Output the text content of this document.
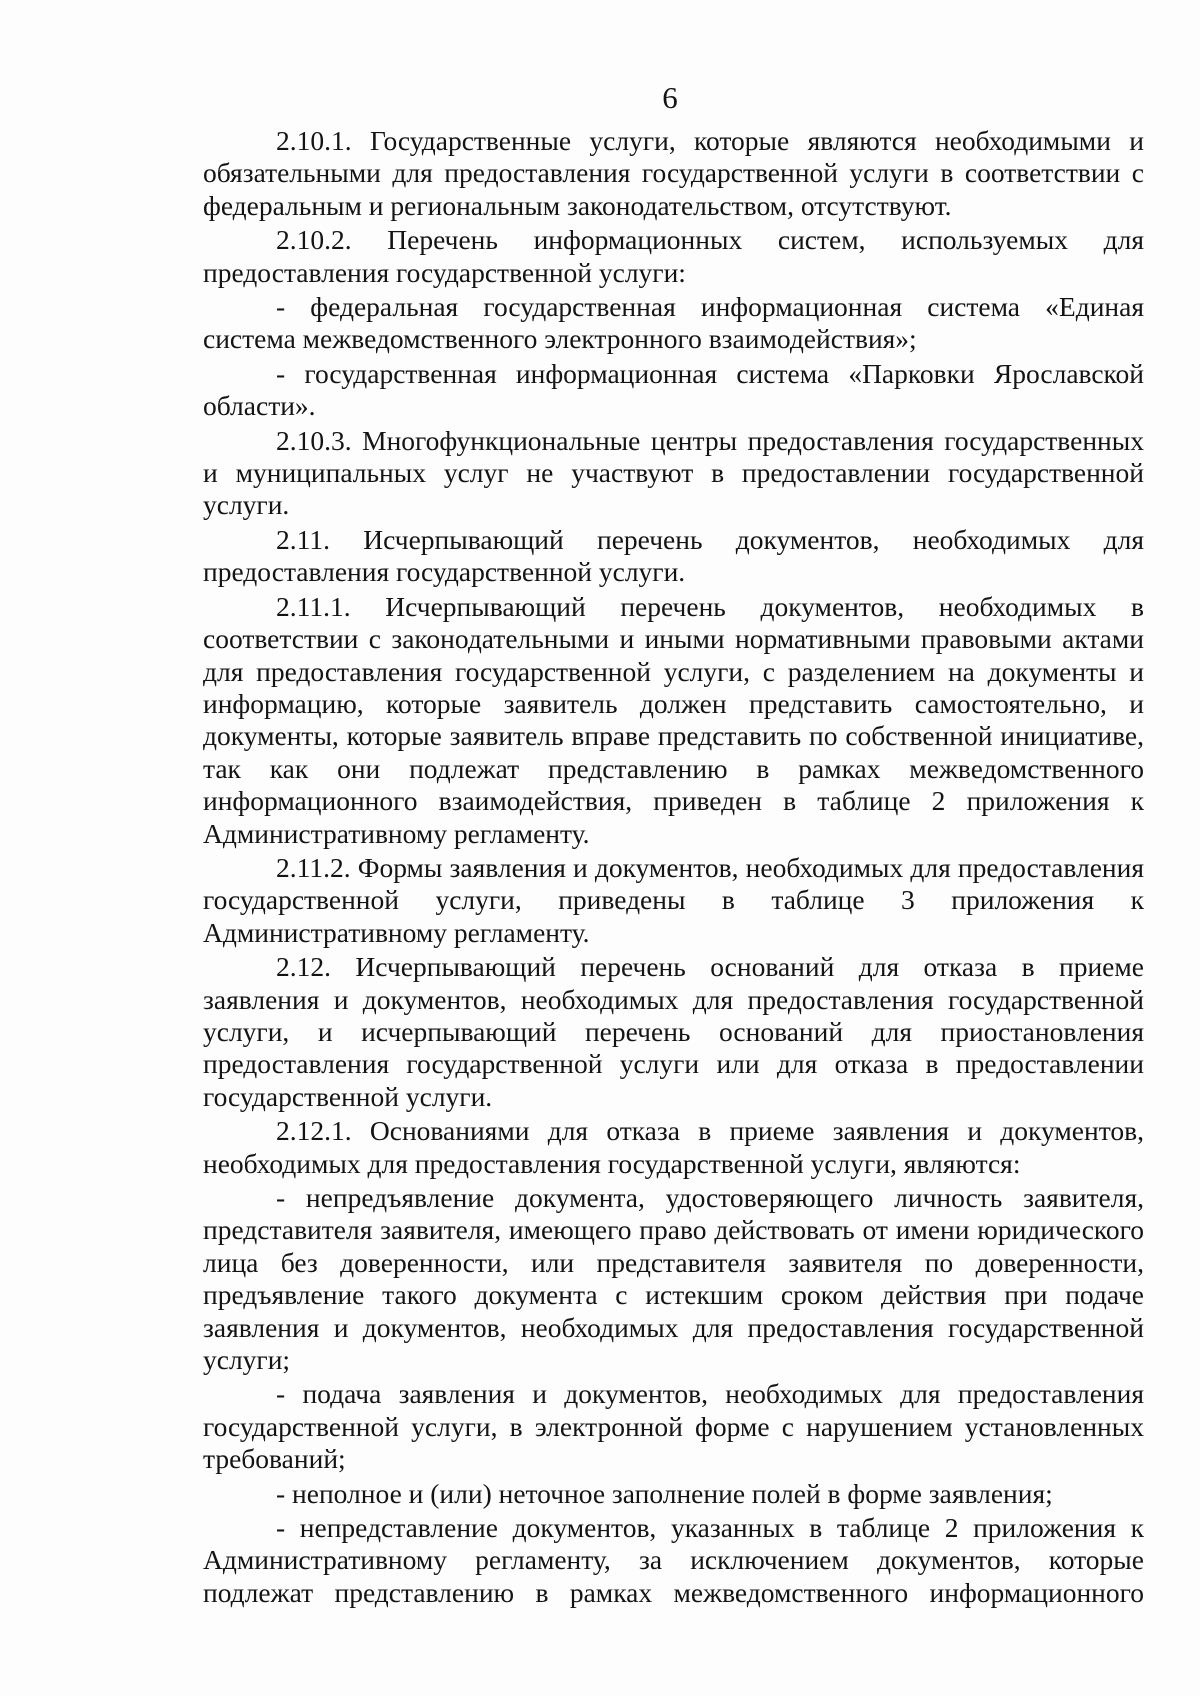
6

2.10.1. Государственные услуги, которые являются необходимыми и обязательными для предоставления государственной услуги в соответствии с федеральным и региональным законодательством, отсутствуют.

2.10.2. Перечень информационных систем, используемых для предоставления государственной услуги:

- федеральная государственная информационная система «Единая система межведомственного электронного взаимодействия»;

- государственная информационная система «Парковки Ярославской области».

2.10.3. Многофункциональные центры предоставления государственных и муниципальных услуг не участвуют в предоставлении государственной услуги.

2.11. Исчерпывающий перечень документов, необходимых для предоставления государственной услуги.

2.11.1. Исчерпывающий перечень документов, необходимых в соответствии с законодательными и иными нормативными правовыми актами для предоставления государственной услуги, с разделением на документы и информацию, которые заявитель должен представить самостоятельно, и документы, которые заявитель вправе представить по собственной инициативе, так как они подлежат представлению в рамках межведомственного информационного взаимодействия, приведен в таблице 2 приложения к Административному регламенту.

2.11.2. Формы заявления и документов, необходимых для предоставления государственной услуги, приведены в таблице 3 приложения к Административному регламенту.

2.12. Исчерпывающий перечень оснований для отказа в приеме заявления и документов, необходимых для предоставления государственной услуги, и исчерпывающий перечень оснований для приостановления предоставления государственной услуги или для отказа в предоставлении государственной услуги.

2.12.1. Основаниями для отказа в приеме заявления и документов, необходимых для предоставления государственной услуги, являются:

- непредъявление документа, удостоверяющего личность заявителя, представителя заявителя, имеющего право действовать от имени юридического лица без доверенности, или представителя заявителя по доверенности, предъявление такого документа с истекшим сроком действия при подаче заявления и документов, необходимых для предоставления государственной услуги;

- подача заявления и документов, необходимых для предоставления государственной услуги, в электронной форме с нарушением установленных требований;

- неполное и (или) неточное заполнение полей в форме заявления;

- непредставление документов, указанных в таблице 2 приложения к Административному регламенту, за исключением документов, которые подлежат представлению в рамках межведомственного информационного
